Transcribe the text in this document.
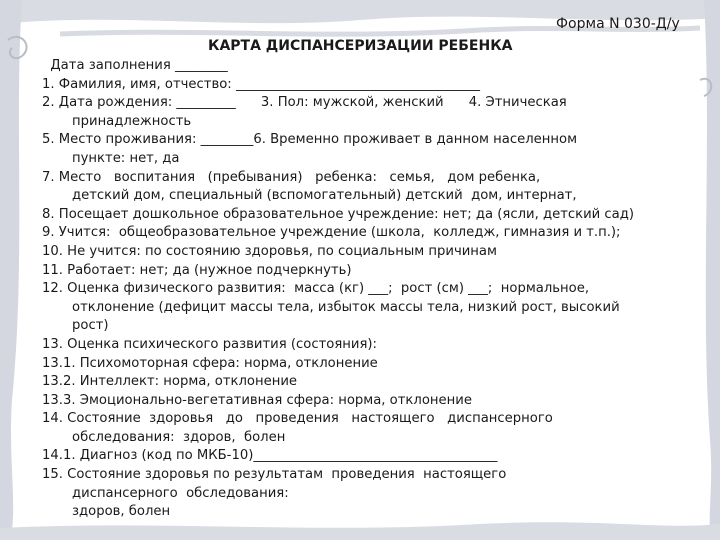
Форма N 030-Д/у
КАРТА ДИСПАНСЕРИЗАЦИИ РЕБЕНКА
Дата заполнения ________
1. Фамилия, имя, отчество: _____________________________________
2. Дата рождения: _________      3. Пол: мужской, женский      4. Этническая
принадлежность
5. Место проживания: ________6. Временно проживает в данном населенном
пункте: нет, да
7. Место   воспитания   (пребывания)   ребенка:   семья,   дом ребенка,
детский дом, специальный (вспомогательный) детский  дом, интернат,
8. Посещает дошкольное образовательное учреждение: нет; да (ясли, детский сад)
9. Учится:  общеобразовательное учреждение (школа,  колледж, гимназия и т.п.);
10. Не учится: по состоянию здоровья, по социальным причинам
11. Работает: нет; да (нужное подчеркнуть)
12. Оценка физического развития:  масса (кг) ___;  рост (см) ___;  нормальное,
отклонение (дефицит массы тела, избыток массы тела, низкий рост, высокий
рост)
13. Оценка психического развития (состояния):
13.1. Психомоторная сфера: норма, отклонение
13.2. Интеллект: норма, отклонение
13.3. Эмоционально-вегетативная сфера: норма, отклонение
14. Состояние  здоровья   до   проведения   настоящего   диспансерного
обследования:  здоров,  болен
14.1. Диагноз (код по МКБ-10)_____________________________________
15. Состояние здоровья по результатам  проведения  настоящего
диспансерного  обследования:
здоров, болен
